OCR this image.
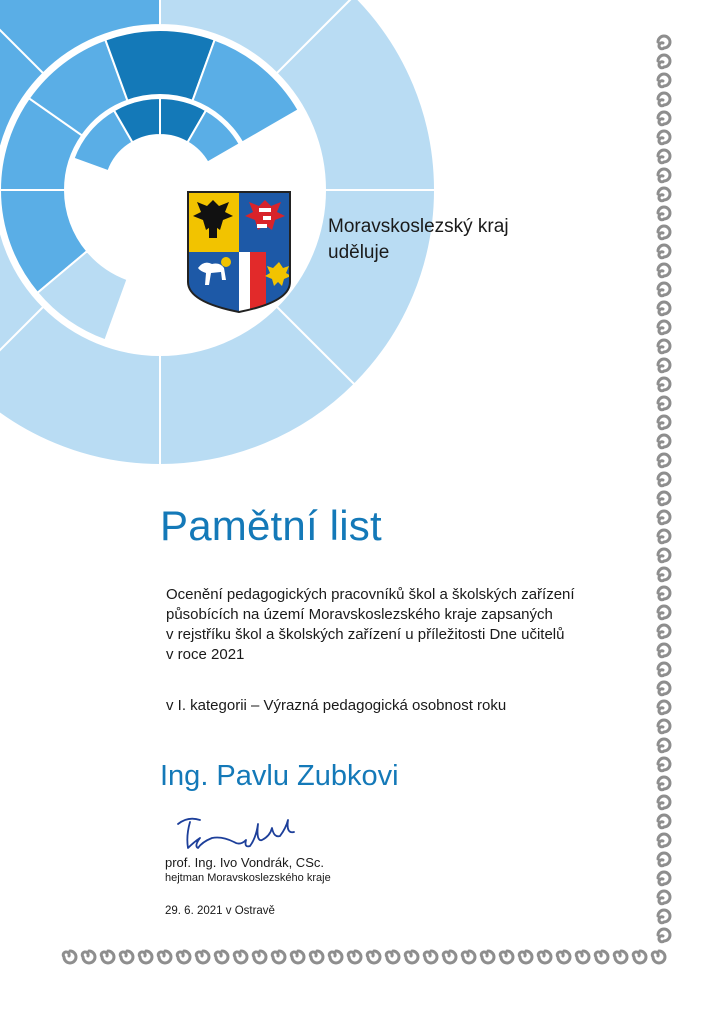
Moravskoslezský kraj
uděluje
Pamětní list
Ocenění pedagogických pracovníků škol a školských zařízení
působících na území Moravskoslezského kraje zapsaných
v rejstříku škol a školských zařízení u příležitosti Dne učitelů
v roce 2021
v I. kategorii – Výrazná pedagogická osobnost roku
Ing. Pavlu Zubkovi
prof. Ing. Ivo Vondrák, CSc.
hejtman Moravskoslezského kraje
29. 6. 2021 v Ostravě
